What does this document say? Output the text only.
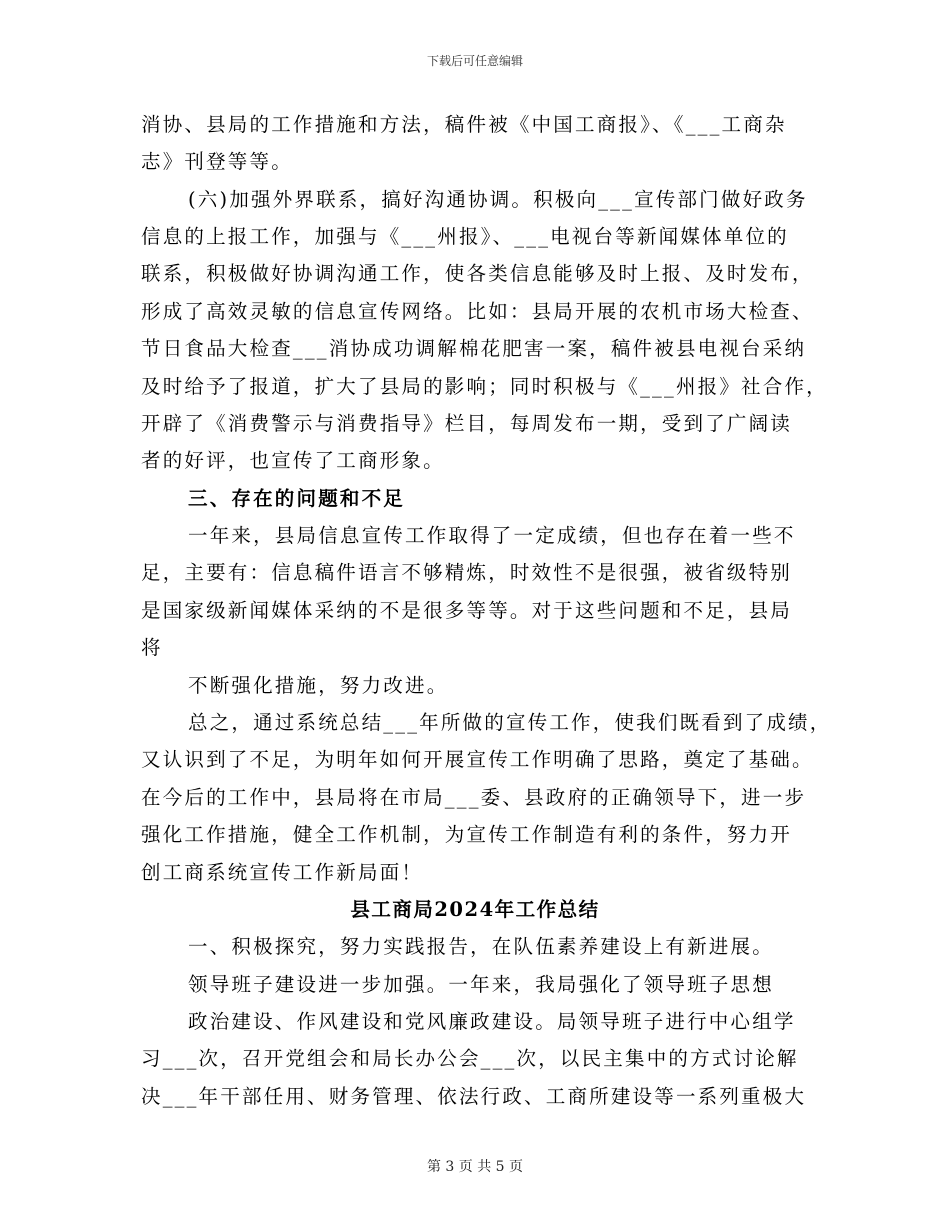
下载后可任意编辑
消协、县局的工作措施和方法，稿件被《中国工商报》、《___工商杂
志》刊登等等。
(六)加强外界联系，搞好沟通协调。积极向___宣传部门做好政务
信息的上报工作，加强与《___州报》、___电视台等新闻媒体单位的
联系，积极做好协调沟通工作，使各类信息能够及时上报、及时发布，
形成了高效灵敏的信息宣传网络。比如：县局开展的农机市场大检查、
节日食品大检查___消协成功调解棉花肥害一案，稿件被县电视台采纳
及时给予了报道，扩大了县局的影响；同时积极与《___州报》社合作，
开辟了《消费警示与消费指导》栏目，每周发布一期，受到了广阔读
者的好评，也宣传了工商形象。
三、存在的问题和不足
一年来，县局信息宣传工作取得了一定成绩，但也存在着一些不
足，主要有：信息稿件语言不够精炼，时效性不是很强，被省级特别
是国家级新闻媒体采纳的不是很多等等。对于这些问题和不足，县局
将
不断强化措施，努力改进。
总之，通过系统总结___年所做的宣传工作，使我们既看到了成绩，
又认识到了不足，为明年如何开展宣传工作明确了思路，奠定了基础。
在今后的工作中，县局将在市局___委、县政府的正确领导下，进一步
强化工作措施，健全工作机制，为宣传工作制造有利的条件，努力开
创工商系统宣传工作新局面！
县工商局2024年工作总结
一、积极探究，努力实践报告，在队伍素养建设上有新进展。
领导班子建设进一步加强。一年来，我局强化了领导班子思想
政治建设、作风建设和党风廉政建设。局领导班子进行中心组学
习___次，召开党组会和局长办公会___次，以民主集中的方式讨论解
决___年干部任用、财务管理、依法行政、工商所建设等一系列重极大
第 3 页 共 5 页
